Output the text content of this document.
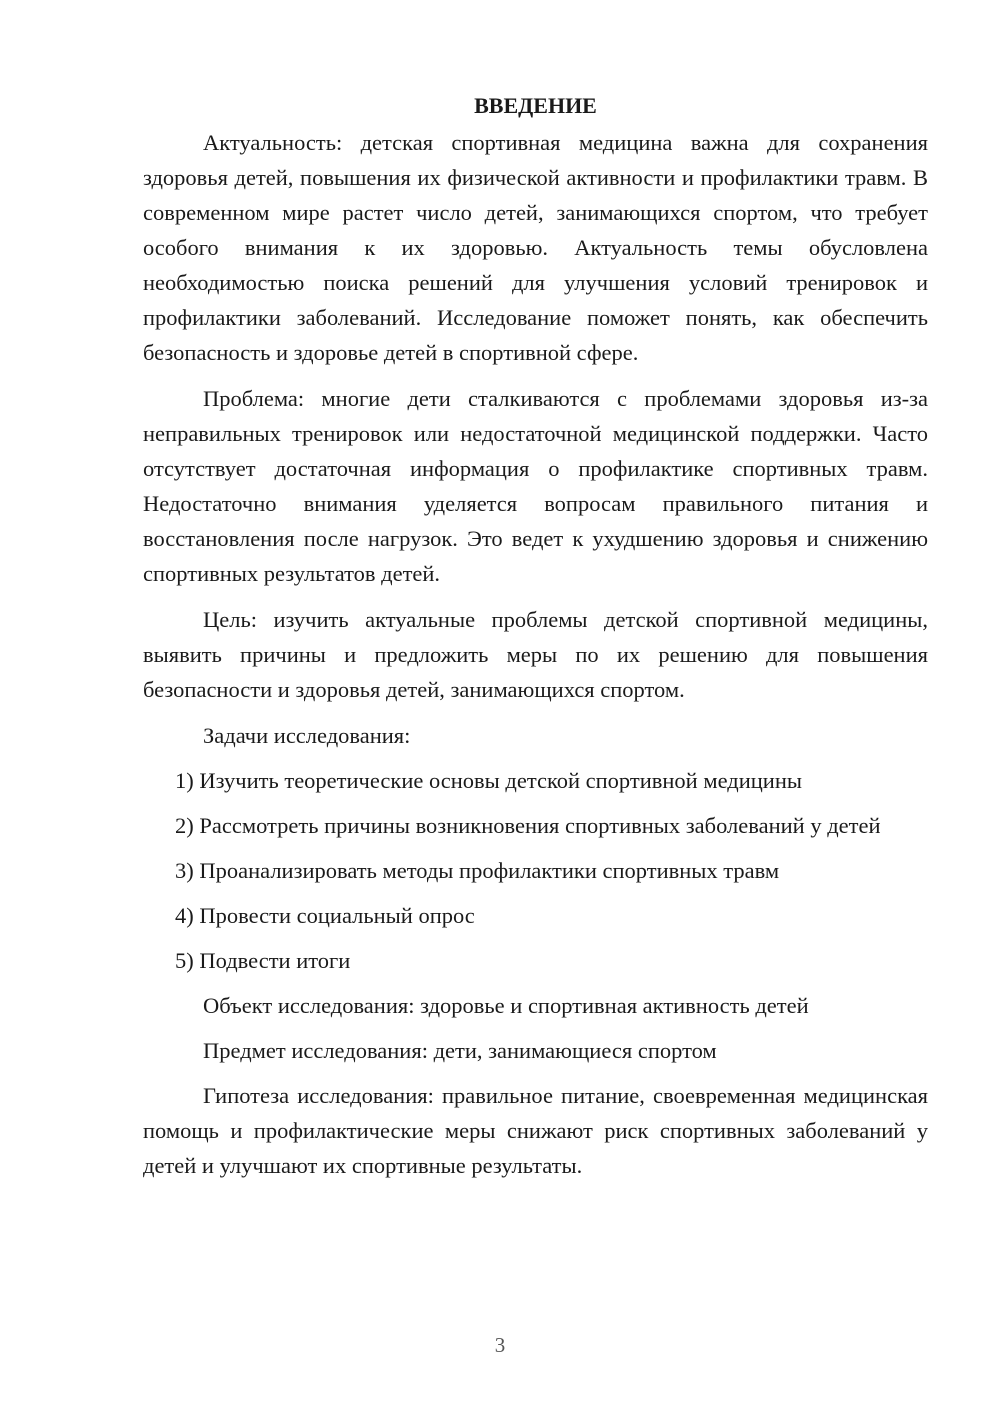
ВВЕДЕНИЕ

Актуальность: детская спортивная медицина важна для сохранения здоровья детей, повышения их физической активности и профилактики травм. В современном мире растет число детей, занимающихся спортом, что требует особого внимания к их здоровью. Актуальность темы обусловлена необходимостью поиска решений для улучшения условий тренировок и профилактики заболеваний. Исследование поможет понять, как обеспечить безопасность и здоровье детей в спортивной сфере.

Проблема: многие дети сталкиваются с проблемами здоровья из-за неправильных тренировок или недостаточной медицинской поддержки. Часто отсутствует достаточная информация о профилактике спортивных травм. Недостаточно внимания уделяется вопросам правильного питания и восстановления после нагрузок. Это ведет к ухудшению здоровья и снижению спортивных результатов детей.

Цель: изучить актуальные проблемы детской спортивной медицины, выявить причины и предложить меры по их решению для повышения безопасности и здоровья детей, занимающихся спортом.

Задачи исследования:

1) Изучить теоретические основы детской спортивной медицины

2) Рассмотреть причины возникновения спортивных заболеваний у детей

3) Проанализировать методы профилактики спортивных травм

4) Провести социальный опрос

5) Подвести итоги

Объект исследования: здоровье и спортивная активность детей

Предмет исследования: дети, занимающиеся спортом

Гипотеза исследования: правильное питание, своевременная медицинская помощь и профилактические меры снижают риск спортивных заболеваний у детей и улучшают их спортивные результаты.

3
